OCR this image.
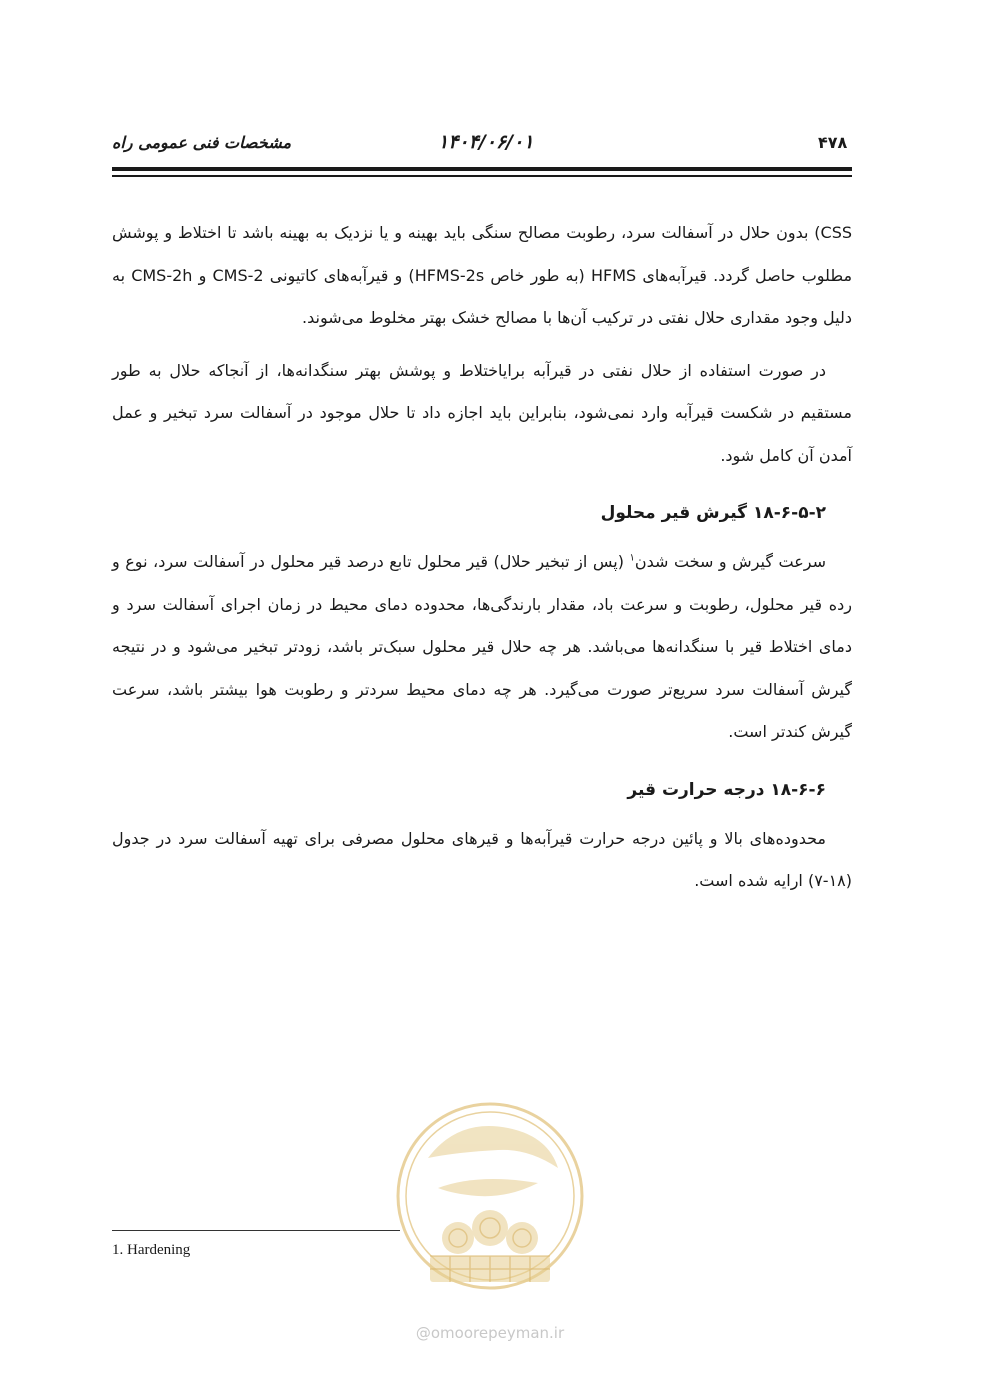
۴۷۸
۱۴۰۴/۰۶/۰۱
مشخصات فنی عمومی راه

CSS) بدون حلال در آسفالت سرد، رطوبت مصالح سنگی باید بهینه و یا نزدیک به بهینه باشد تا اختلاط و پوشش مطلوب حاصل گردد. قیرآبه‌های HFMS (به طور خاص HFMS-2s) و قیرآبه‌های کاتیونی CMS-2 و CMS-2h به دلیل وجود مقداری حلال نفتی در ترکیب آن‌ها با مصالح خشک بهتر مخلوط می‌شوند.

در صورت استفاده از حلال نفتی در قیرآبه برایاختلاط و پوشش بهتر سنگدانه‌ها، از آنجاکه حلال به طور مستقیم در شکست قیرآبه وارد نمی‌شود، بنابراین باید اجازه داد تا حلال موجود در آسفالت سرد تبخیر و عمل آمدن آن کامل شود.

۱۸-۶-۵-۲ گیرش قیر محلول

سرعت گیرش و سخت شدن$^۱$ (پس از تبخیر حلال) قیر محلول تابع درصد قیر محلول در آسفالت سرد، نوع و رده قیر محلول، رطوبت و سرعت باد، مقدار بارندگی‌ها، محدوده دمای محیط در زمان اجرای آسفالت سرد و دمای اختلاط قیر با سنگدانه‌ها می‌باشد. هر چه حلال قیر محلول سبک‌تر باشد، زودتر تبخیر می‌شود و در نتیجه گیرش آسفالت سرد سریع‌تر صورت می‌گیرد. هر چه دمای محیط سردتر و رطوبت هوا بیشتر باشد، سرعت گیرش کندتر است.

۱۸-۶-۶ درجه حرارت قیر

محدوده‌های بالا و پائین درجه حرارت قیرآبه‌ها و قیرهای محلول مصرفی برای تهیه آسفالت سرد در جدول (۱۸-۷) ارایه شده است.

@omoorepeyman.ir
1. Hardening
